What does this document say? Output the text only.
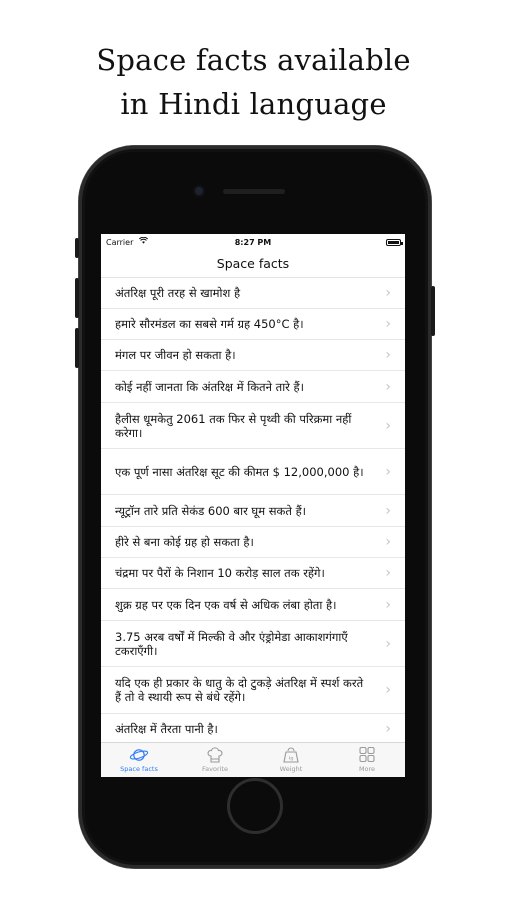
Space facts available
in Hindi language
Carrier	8:27 PM
Space facts
अंतरिक्ष पूरी तरह से खामोश है	›
हमारे सौरमंडल का सबसे गर्म ग्रह 450°C है।	›
मंगल पर जीवन हो सकता है।	›
कोई नहीं जानता कि अंतरिक्ष में कितने तारे हैं।	›
हैलीस धूमकेतु 2061 तक फिर से पृथ्वी की परिक्रमा नहीं करेगा।	›
एक पूर्ण नासा अंतरिक्ष सूट की कीमत $ 12,000,000 है। ›
न्यूट्रॉन तारे प्रति सेकंड 600 बार घूम सकते हैं।	›
हीरे से बना कोई ग्रह हो सकता है।	›
चंद्रमा पर पैरों के निशान 10 करोड़ साल तक रहेंगे।	›
शुक्र ग्रह पर एक दिन एक वर्ष से अधिक लंबा होता है।	›
3.75 अरब वर्षों में मिल्की वे और एंड्रोमेडा आकाशगंगाएँ टकराएँगी।	›
यदि एक ही प्रकार के धातु के दो टुकड़े अंतरिक्ष में स्पर्श करते हैं तो वे स्थायी रूप से बंधे रहेंगे।	›
अंतरिक्ष में तैरता पानी है।	›
Space facts	Favorite
kg
Weight	More
